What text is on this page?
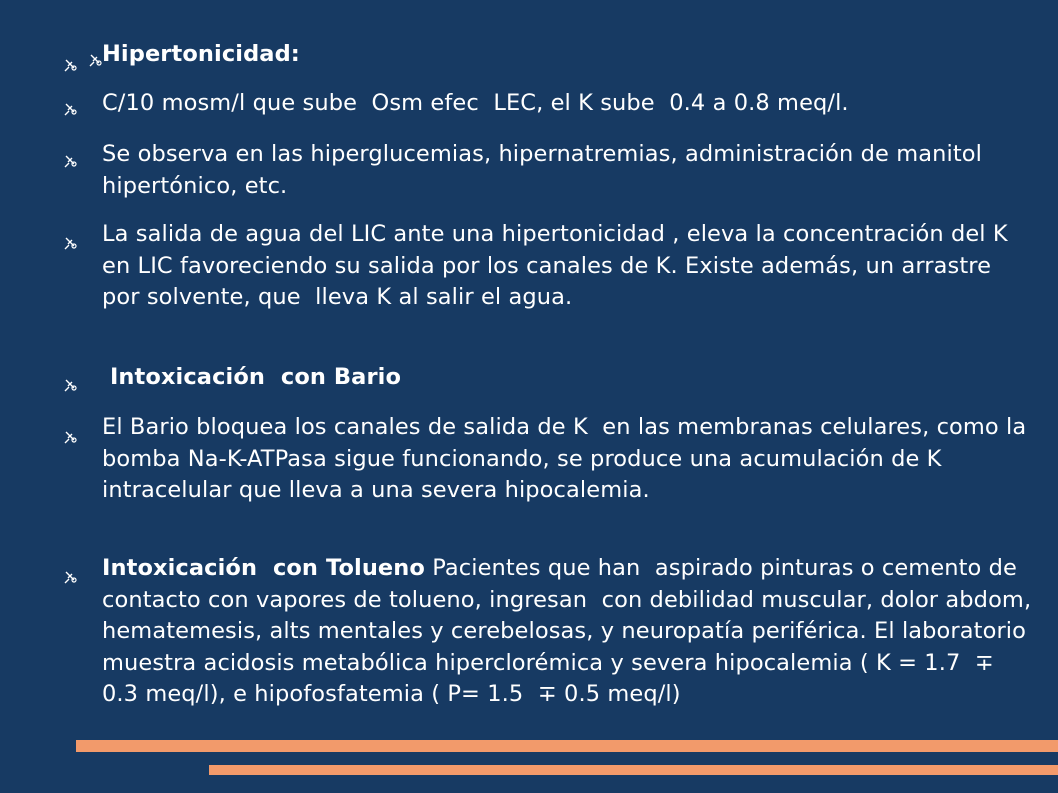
Hipertonicidad:
C/10 mosm/l que sube  Osm efec  LEC, el K sube  0.4 a 0.8 meq/l.
Se observa en las hiperglucemias, hipernatremias, administración de manitol hipertónico, etc.
La salida de agua del LIC ante una hipertonicidad , eleva la concentración del K en LIC favoreciendo su salida por los canales de K. Existe además, un arrastre  por solvente, que  lleva K al salir el agua.
Intoxicación  con Bario
El Bario bloquea los canales de salida de K  en las membranas celulares, como la bomba Na-K-ATPasa sigue funcionando, se produce una acumulación de K intracelular que lleva a una severa hipocalemia.
Intoxicación  con Tolueno Pacientes que han  aspirado pinturas o cemento de contacto con vapores de tolueno, ingresan  con debilidad muscular, dolor abdom, hematemesis, alts mentales y cerebelosas, y neuropatía periférica. El laboratorio muestra acidosis metabólica hiperclorémica y severa hipocalemia ( K = 1.7  ∓ 0.3 meq/l), e hipofosfatemia ( P= 1.5  ∓ 0.5 meq/l)
